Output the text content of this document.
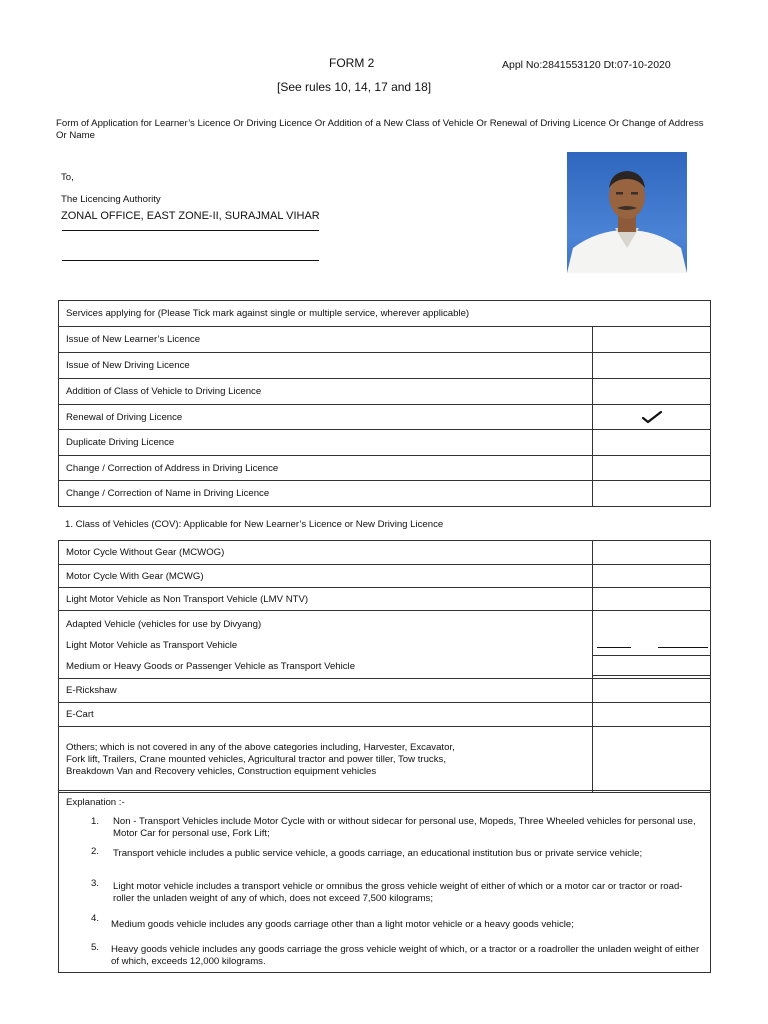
FORM 2	Appl No:2841553120 Dt:07-10-2020
[See rules 10, 14, 17 and 18]
Form of Application for Learner’s Licence Or Driving Licence Or Addition of a New Class of Vehicle Or Renewal of Driving Licence Or Change of Address Or Name
To,
The Licencing Authority
ZONAL OFFICE, EAST ZONE-II, SURAJMAL VIHAR
Services applying for (Please Tick mark against single or multiple service, wherever applicable)	
Issue of New Learner’s Licence	
Issue of New Driving Licence	
Addition of Class of Vehicle to Driving Licence	
Renewal of Driving Licence	

Duplicate Driving Licence	
Change / Correction of Address in Driving Licence	
Change / Correction of Name in Driving Licence	
1. Class of Vehicles (COV): Applicable for New Learner’s Licence or New Driving Licence
Motor Cycle Without Gear (MCWOG)	
Motor Cycle With Gear (MCWG)	
Light Motor Vehicle as Non Transport Vehicle (LMV NTV)	

Adapted Vehicle (vehicles for use by Divyang)
Light Motor Vehicle as Transport Vehicle
Medium or Heavy Goods or Passenger Vehicle as Transport Vehicle	

E-Rickshaw	
E-Cart	
Others; which is not covered in any of the above categories including, Harvester, Excavator, Fork lift, Trailers, Crane mounted vehicles, Agricultural tractor and power tiller, Tow trucks, Breakdown Van and Recovery vehicles, Construction equipment vehicles	
Explanation :-
1. Non - Transport Vehicles include Motor Cycle with or without sidecar for personal use, Mopeds, Three Wheeled vehicles for personal use, Motor Car for personal use, Fork Lift;
2. Transport vehicle includes a public service vehicle, a goods carriage, an educational institution bus or private service vehicle;
3. Light motor vehicle includes a transport vehicle or omnibus the gross vehicle weight of either of which or a motor car or tractor or road-roller the unladen weight of any of which, does not exceed 7,500 kilograms;
4.
Medium goods vehicle includes any goods carriage other than a light motor vehicle or a heavy goods vehicle;
5. Heavy goods vehicle includes any goods carriage the gross vehicle weight of which, or a tractor or a roadroller the unladen weight of either of which, exceeds 12,000 kilograms.
